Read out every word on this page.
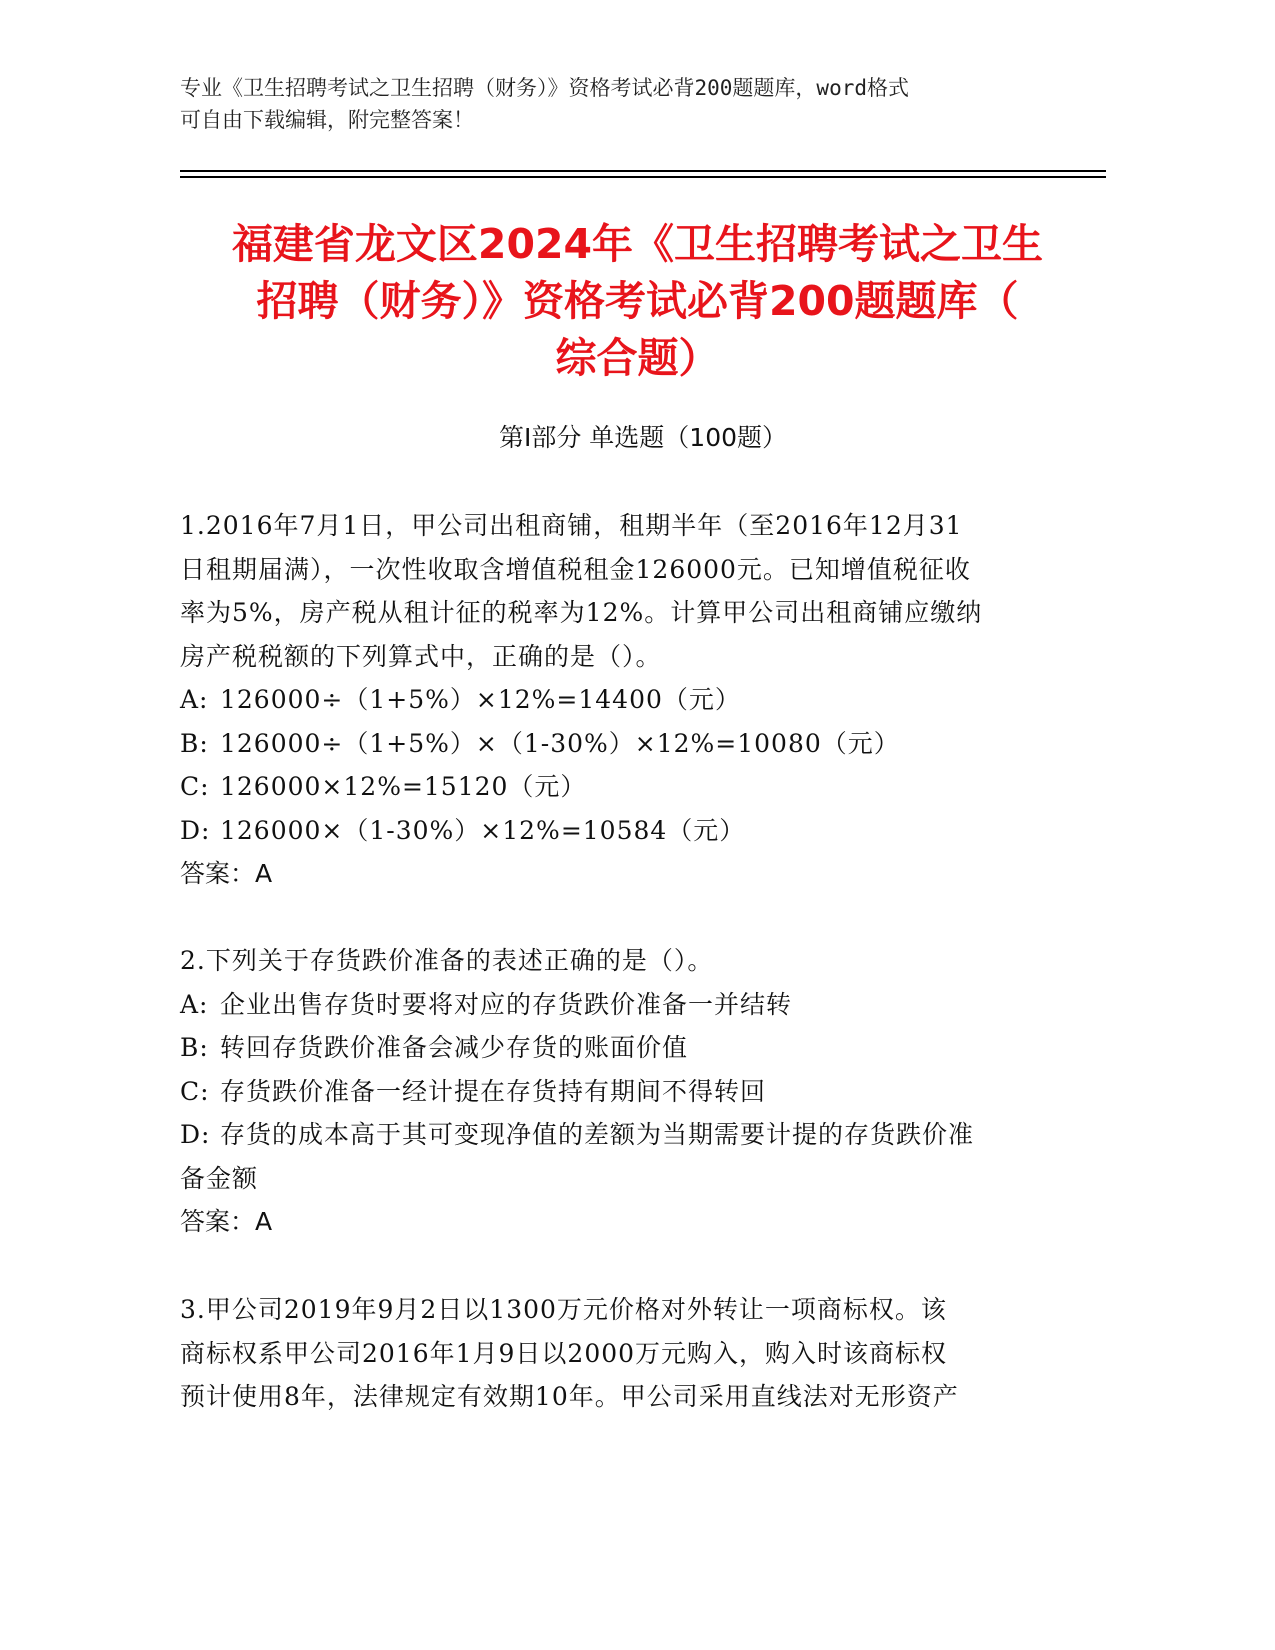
专业《卫生招聘考试之卫生招聘（财务）》资格考试必背200题题库，word格式
可自由下载编辑，附完整答案！
福建省龙文区2024年《卫生招聘考试之卫生
招聘（财务）》资格考试必背200题题库（
综合题）
第I部分 单选题（100题）

1.2016年7月1日，甲公司出租商铺，租期半年（至2016年12月31

日租期届满），一次性收取含增值税租金126000元。已知增值税征收

率为5%，房产税从租计征的税率为12%。计算甲公司出租商铺应缴纳

房产税税额的下列算式中，正确的是（）。

A: 126000÷（1+5%）×12%=14400（元）

B: 126000÷（1+5%）×（1-30%）×12%=10080（元）

C: 126000×12%=15120（元）

D: 126000×（1-30%）×12%=10584（元）

答案：A

2.下列关于存货跌价准备的表述正确的是（）。

A: 企业出售存货时要将对应的存货跌价准备一并结转

B: 转回存货跌价准备会减少存货的账面价值

C: 存货跌价准备一经计提在存货持有期间不得转回

D: 存货的成本高于其可变现净值的差额为当期需要计提的存货跌价准

备金额

答案：A

3.甲公司2019年9月2日以1300万元价格对外转让一项商标权。该

商标权系甲公司2016年1月9日以2000万元购入，购入时该商标权

预计使用8年，法律规定有效期10年。甲公司采用直线法对无形资产
